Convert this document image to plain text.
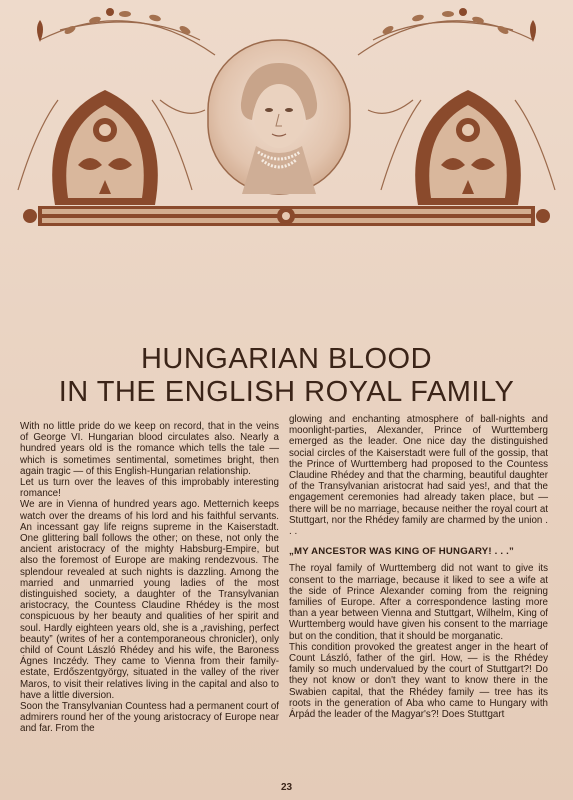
HUNGARIAN BLOOD
IN THE ENGLISH ROYAL FAMILY

With no little pride do we keep on record, that in the veins of George VI. Hungarian blood circulates also. Nearly a hundred years old is the romance which tells the tale — which is sometimes sentimental, sometimes bright, then again tragic — of this English-Hungarian relationship.

Let us turn over the leaves of this improbably interesting romance!

We are in Vienna of hundred years ago. Metternich keeps watch over the dreams of his lord and his faithful servants. An incessant gay life reigns supreme in the Kaiserstadt. One glittering ball follows the other; on these, not only the ancient aristocracy of the mighty Habsburg-Empire, but also the foremost of Europe are making rendezvous. The splendour revealed at such nights is dazzling. Among the married and unmarried young ladies of the most distinguished society, a daughter of the Transylvanian aristocracy, the Countess Claudine Rhédey is the most conspicuous by her beauty and qualities of her spirit and soul. Hardly eighteen years old, she is a „ravishing, perfect beauty” (writes of her a contemporaneous chronicler), only child of Count László Rhédey and his wife, the Baroness Ágnes Inczédy. They came to Vienna from their family-estate, Erdőszentgyörgy, situated in the valley of the river Maros, to visit their relatives living in the capital and also to have a little diversion.

Soon the Transylvanian Countess had a permanent court of admirers round her of the young aristocracy of Europe near and far. From the

glowing and enchanting atmosphere of ball-nights and moonlight-parties, Alexander, Prince of Wurttemberg emerged as the leader. One nice day the distinguished social circles of the Kaiserstadt were full of the gossip, that the Prince of Wurttemberg had proposed to the Countess Claudine Rhédey and that the charming, beautiful daughter of the Transylvanian aristocrat had said yes!, and that the engagement ceremonies had already taken place, but — there will be no marriage, because neither the royal court at Stuttgart, nor the Rhédey family are charmed by the union . . .

„MY ANCESTOR WAS KING OF HUNGARY! . . .”

The royal family of Wurttemberg did not want to give its consent to the marriage, because it liked to see a wife at the side of Prince Alexander coming from the reigning families of Europe. After a correspondence lasting more than a year between Vienna and Stuttgart, Wilhelm, King of Wurttemberg would have given his consent to the marriage but on the condition, that it should be morganatic.

This condition provoked the greatest anger in the heart of Count László, father of the girl. How, — is the Rhédey family so much undervalued by the court of Stuttgart?! Do they not know or don't they want to know there in the Swabien capital, that the Rhédey family — tree has its roots in the generation of Aba who came to Hungary with Árpád the leader of the Magyar's?! Does Stuttgart

23
